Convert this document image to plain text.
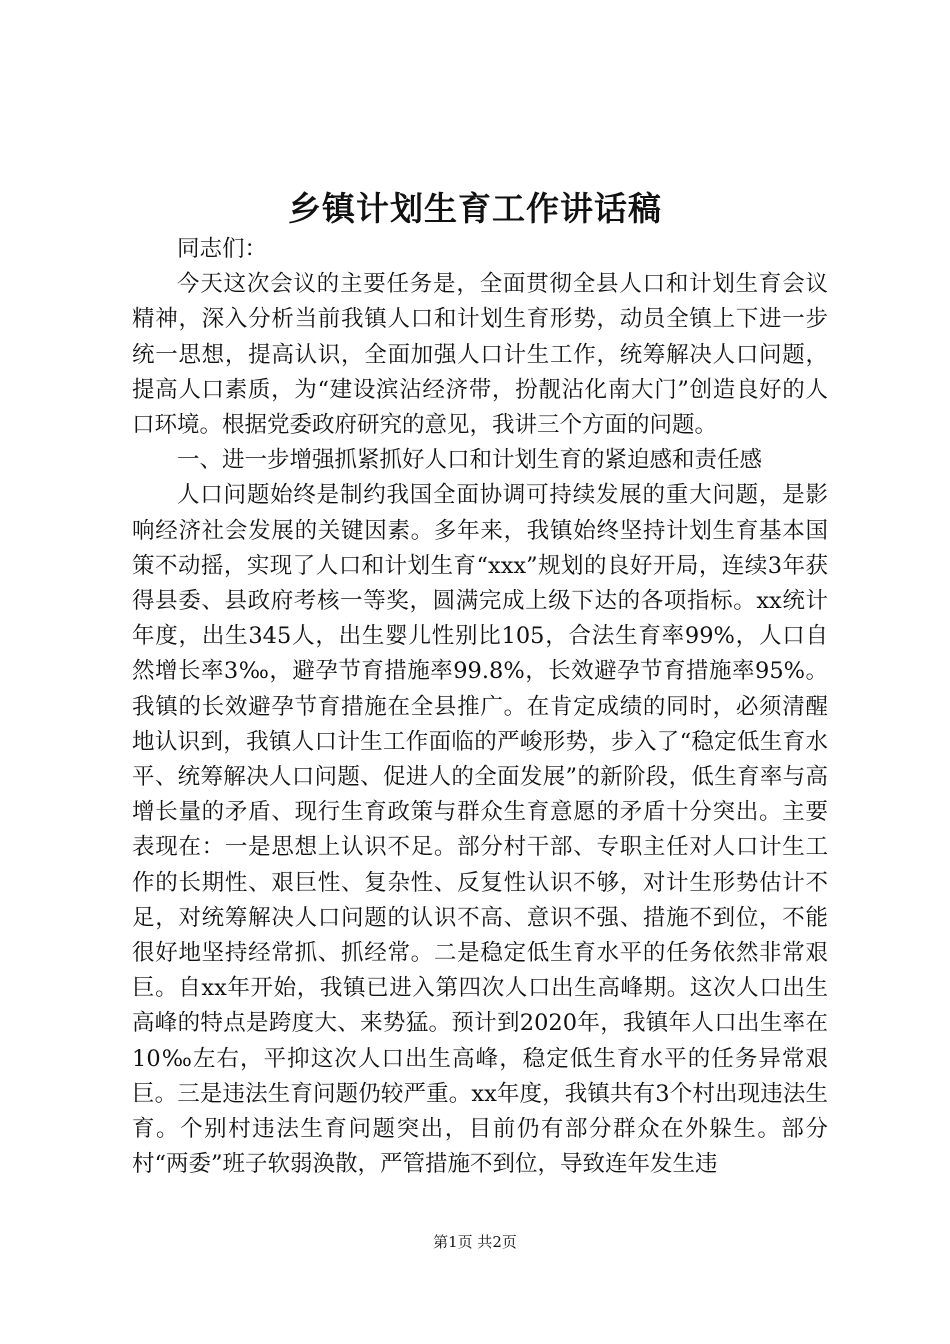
乡镇计划生育工作讲话稿

同志们：

今天这次会议的主要任务是，全面贯彻全县人口和计划生育会议精神，深入分析当前我镇人口和计划生育形势，动员全镇上下进一步统一思想，提高认识，全面加强人口计生工作，统筹解决人口问题，提高人口素质，为“建设滨沾经济带，扮靓沾化南大门”创造良好的人口环境。根据党委政府研究的意见，我讲三个方面的问题。

一、进一步增强抓紧抓好人口和计划生育的紧迫感和责任感

人口问题始终是制约我国全面协调可持续发展的重大问题，是影响经济社会发展的关键因素。多年来，我镇始终坚持计划生育基本国策不动摇，实现了人口和计划生育“xxx”规划的良好开局，连续3年获得县委、县政府考核一等奖，圆满完成上级下达的各项指标。xx统计年度，出生345人，出生婴儿性别比105，合法生育率99%，人口自然增长率3‰，避孕节育措施率99.8%，长效避孕节育措施率95%。我镇的长效避孕节育措施在全县推广。在肯定成绩的同时，必须清醒地认识到，我镇人口计生工作面临的严峻形势，步入了“稳定低生育水平、统筹解决人口问题、促进人的全面发展”的新阶段，低生育率与高增长量的矛盾、现行生育政策与群众生育意愿的矛盾十分突出。主要表现在：一是思想上认识不足。部分村干部、专职主任对人口计生工作的长期性、艰巨性、复杂性、反复性认识不够，对计生形势估计不足，对统筹解决人口问题的认识不高、意识不强、措施不到位，不能很好地坚持经常抓、抓经常。二是稳定低生育水平的任务依然非常艰巨。自xx年开始，我镇已进入第四次人口出生高峰期。这次人口出生高峰的特点是跨度大、来势猛。预计到2020年，我镇年人口出生率在10‰左右，平抑这次人口出生高峰，稳定低生育水平的任务异常艰巨。三是违法生育问题仍较严重。xx年度，我镇共有3个村出现违法生育。个别村违法生育问题突出，目前仍有部分群众在外躲生。部分村“两委”班子软弱涣散，严管措施不到位，导致连年发生违

第1页 共2页
